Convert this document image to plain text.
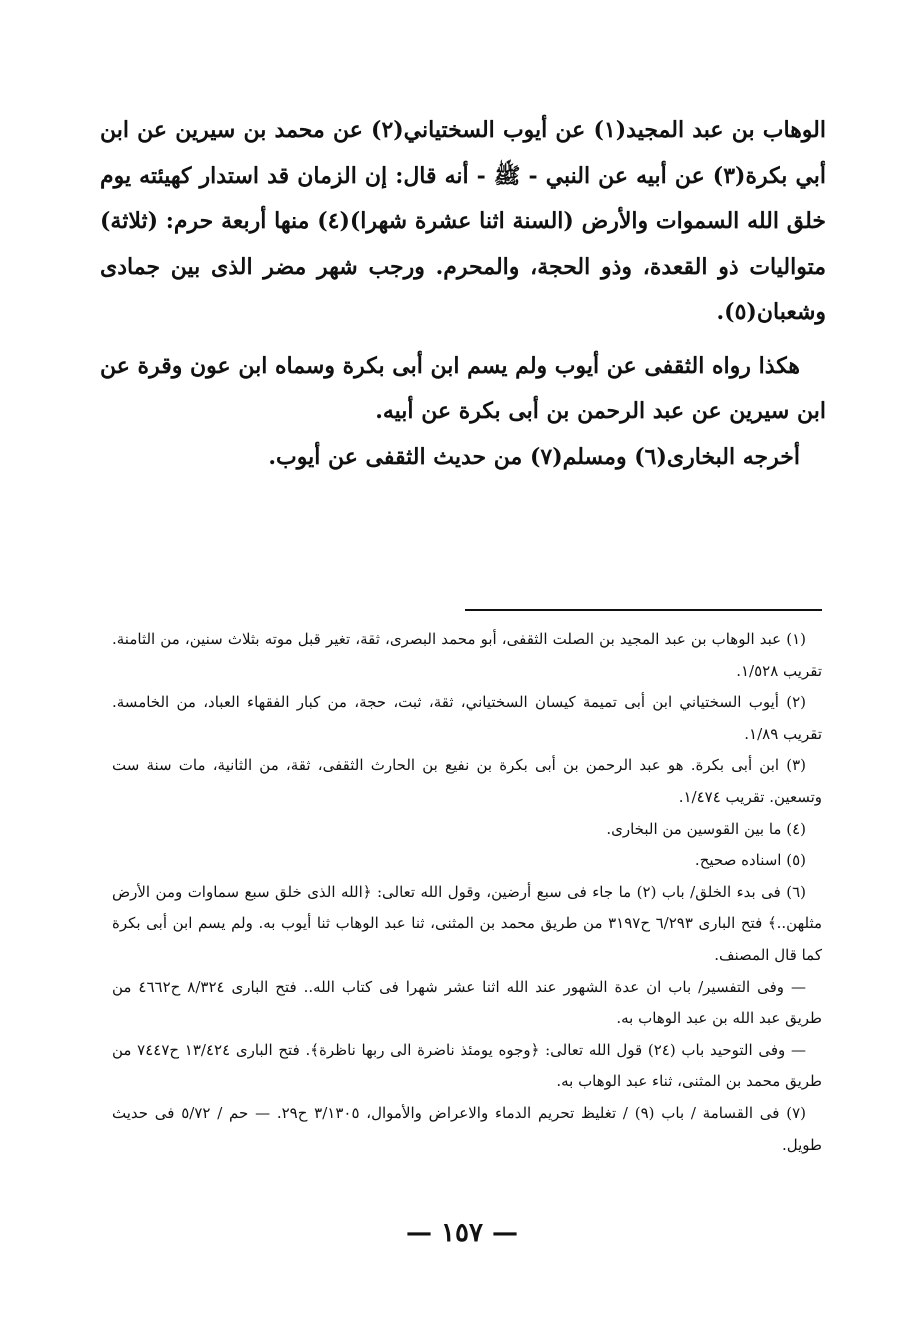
الوهاب بن عبد المجيد(١) عن أيوب السختياني(٢) عن محمد بن سيرين عن ابن أبي بكرة(٣) عن أبيه عن النبي - ﷺ - أنه قال: إن الزمان قد استدار كهيئته يوم خلق الله السموات والأرض (السنة اثنا عشرة شهرا)(٤) منها أربعة حرم: (ثلاثة) متواليات ذو القعدة، وذو الحجة، والمحرم. ورجب شهر مضر الذى بين جمادى وشعبان(٥).

هكذا رواه الثقفى عن أيوب ولم يسم ابن أبى بكرة وسماه ابن عون وقرة عن ابن سيرين عن عبد الرحمن بن أبى بكرة عن أبيه.

أخرجه البخارى(٦) ومسلم(٧) من حديث الثقفى عن أيوب.

(١) عبد الوهاب بن عبد المجيد بن الصلت الثقفى، أبو محمد البصرى، ثقة، تغير قبل موته بثلاث سنين، من الثامنة. تقريب ١/٥٢٨.

(٢) أيوب السختياني ابن أبى تميمة كيسان السختياني، ثقة، ثبت، حجة، من كبار الفقهاء العباد، من الخامسة. تقريب ١/٨٩.

(٣) ابن أبى بكرة. هو عبد الرحمن بن أبى بكرة بن نفيع بن الحارث الثقفى، ثقة، من الثانية، مات سنة ست وتسعين. تقريب ١/٤٧٤.

(٤) ما بين القوسين من البخارى.

(٥) اسناده صحيح.

(٦) فى بدء الخلق/ باب (٢) ما جاء فى سبع أرضين، وقول الله تعالى: ﴿الله الذى خلق سبع سماوات ومن الأرض مثلهن..﴾ فتح البارى ٦/٢٩٣ ح٣١٩٧ من طريق محمد بن المثنى، ثنا عبد الوهاب ثنا أيوب به. ولم يسم ابن أبى بكرة كما قال المصنف.

— وفى التفسير/ باب ان عدة الشهور عند الله اثنا عشر شهرا فى كتاب الله.. فتح البارى ٨/٣٢٤ ح٤٦٦٢ من طريق عبد الله بن عبد الوهاب به.

— وفى التوحيد باب (٢٤) قول الله تعالى: ﴿وجوه يومئذ ناضرة الى ربها ناظرة﴾. فتح البارى ١٣/٤٢٤ ح٧٤٤٧ من طريق محمد بن المثنى، ثناء عبد الوهاب به.

(٧) فى القسامة / باب (٩) / تغليظ تحريم الدماء والاعراض والأموال، ٣/١٣٠٥ ح٢٩. — حم / ٥/٧٢ فى حديث طويل.

— ١٥٧ —
